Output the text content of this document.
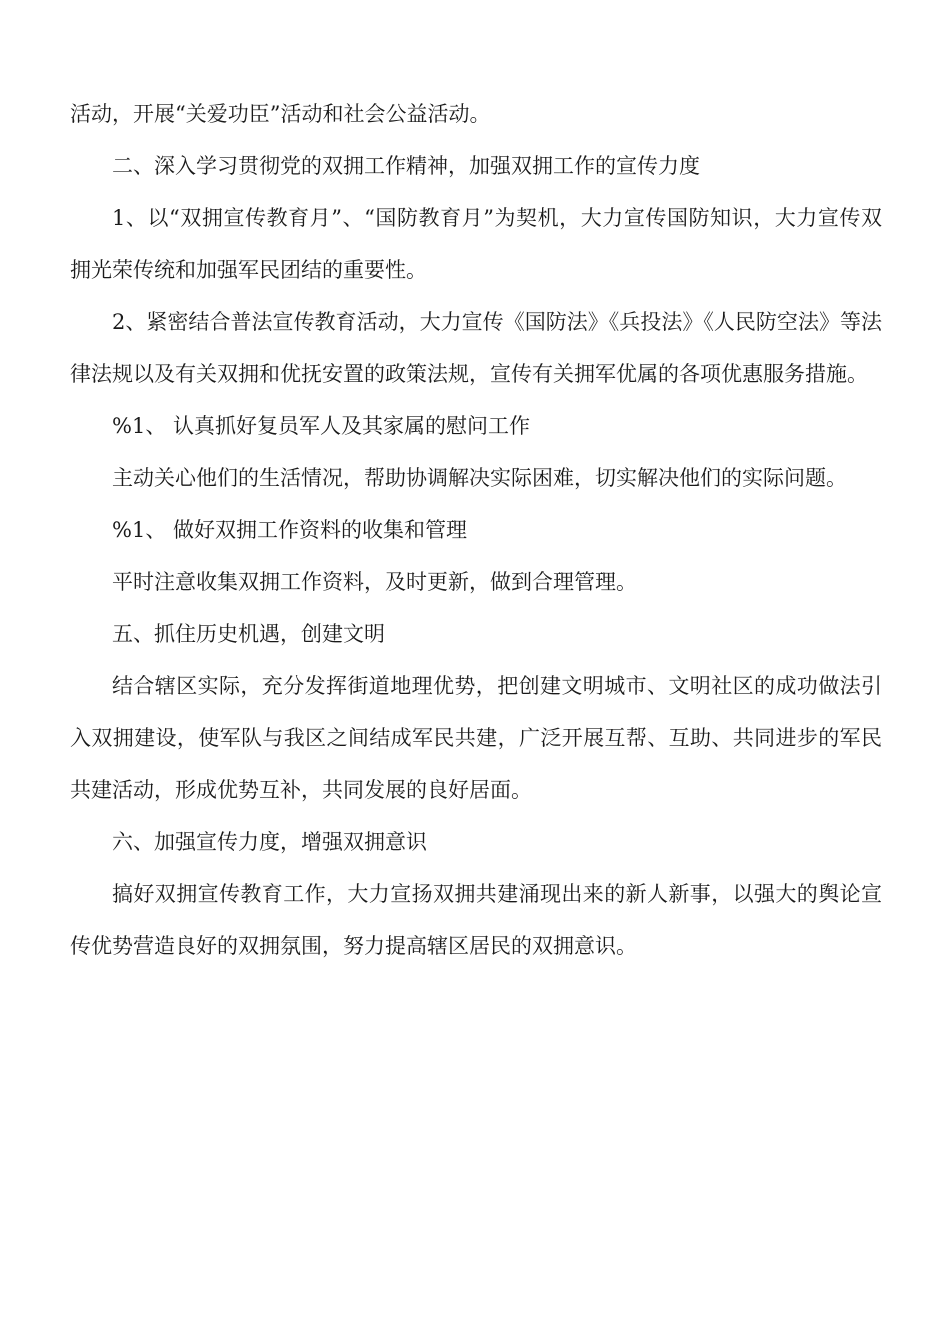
活动，开展“关爱功臣”活动和社会公益活动。

二、深入学习贯彻党的双拥工作精神，加强双拥工作的宣传力度

1、以“双拥宣传教育月”、“国防教育月”为契机，大力宣传国防知识，大力宣传双拥光荣传统和加强军民团结的重要性。

2、紧密结合普法宣传教育活动，大力宣传《国防法》《兵投法》《人民防空法》等法律法规以及有关双拥和优抚安置的政策法规，宣传有关拥军优属的各项优惠服务措施。

%1、 认真抓好复员军人及其家属的慰问工作

主动关心他们的生活情况，帮助协调解决实际困难，切实解决他们的实际问题。

%1、 做好双拥工作资料的收集和管理

平时注意收集双拥工作资料，及时更新，做到合理管理。

五、抓住历史机遇，创建文明

结合辖区实际，充分发挥街道地理优势，把创建文明城市、文明社区的成功做法引入双拥建设，使军队与我区之间结成军民共建，广泛开展互帮、互助、共同进步的军民共建活动，形成优势互补，共同发展的良好居面。

六、加强宣传力度，增强双拥意识

搞好双拥宣传教育工作，大力宣扬双拥共建涌现出来的新人新事，以强大的舆论宣传优势营造良好的双拥氛围，努力提高辖区居民的双拥意识。
